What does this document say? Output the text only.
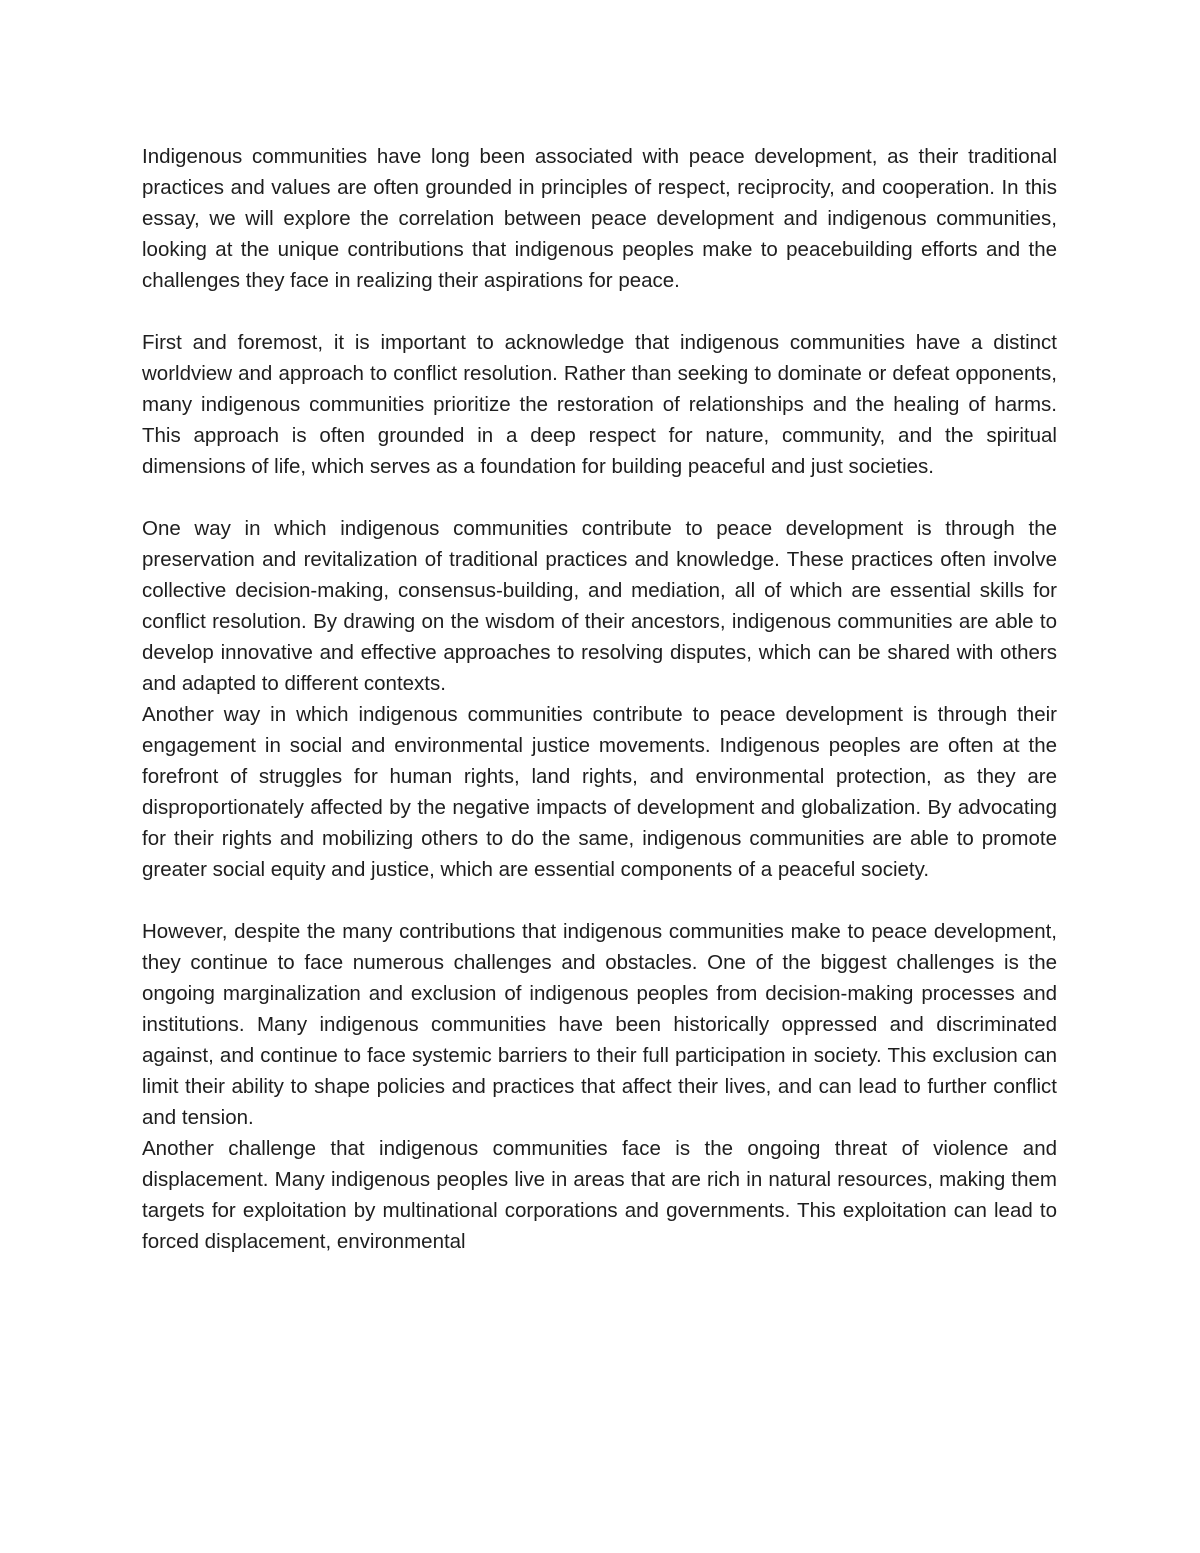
Indigenous communities have long been associated with peace development, as their traditional practices and values are often grounded in principles of respect, reciprocity, and cooperation. In this essay, we will explore the correlation between peace development and indigenous communities, looking at the unique contributions that indigenous peoples make to peacebuilding efforts and the challenges they face in realizing their aspirations for peace.

First and foremost, it is important to acknowledge that indigenous communities have a distinct worldview and approach to conflict resolution. Rather than seeking to dominate or defeat opponents, many indigenous communities prioritize the restoration of relationships and the healing of harms. This approach is often grounded in a deep respect for nature, community, and the spiritual dimensions of life, which serves as a foundation for building peaceful and just societies.

One way in which indigenous communities contribute to peace development is through the preservation and revitalization of traditional practices and knowledge. These practices often involve collective decision-making, consensus-building, and mediation, all of which are essential skills for conflict resolution. By drawing on the wisdom of their ancestors, indigenous communities are able to develop innovative and effective approaches to resolving disputes, which can be shared with others and adapted to different contexts.

Another way in which indigenous communities contribute to peace development is through their engagement in social and environmental justice movements. Indigenous peoples are often at the forefront of struggles for human rights, land rights, and environmental protection, as they are disproportionately affected by the negative impacts of development and globalization. By advocating for their rights and mobilizing others to do the same, indigenous communities are able to promote greater social equity and justice, which are essential components of a peaceful society.

However, despite the many contributions that indigenous communities make to peace development, they continue to face numerous challenges and obstacles. One of the biggest challenges is the ongoing marginalization and exclusion of indigenous peoples from decision-making processes and institutions. Many indigenous communities have been historically oppressed and discriminated against, and continue to face systemic barriers to their full participation in society. This exclusion can limit their ability to shape policies and practices that affect their lives, and can lead to further conflict and tension.

Another challenge that indigenous communities face is the ongoing threat of violence and displacement. Many indigenous peoples live in areas that are rich in natural resources, making them targets for exploitation by multinational corporations and governments. This exploitation can lead to forced displacement, environmental
